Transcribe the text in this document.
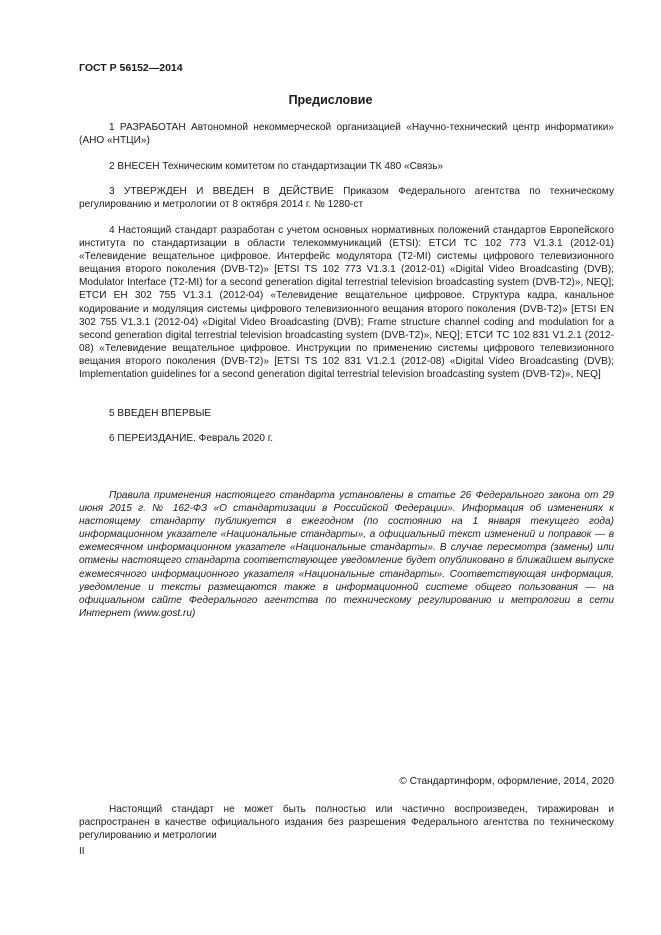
ГОСТ Р 56152—2014
Предисловие

1 РАЗРАБОТАН Автономной некоммерческой организацией «Научно-технический центр информатики» (АНО «НТЦИ»)

2 ВНЕСЕН Техническим комитетом по стандартизации ТК 480 «Связь»

3 УТВЕРЖДЕН И ВВЕДЕН В ДЕЙСТВИЕ Приказом Федерального агентства по техническому регулированию и метрологии от 8 октября 2014 г. № 1280-ст

4 Настоящий стандарт разработан с учетом основных нормативных положений стандартов Европейского института по стандартизации в области телекоммуникаций (ETSI): ЕТСИ ТС 102 773 V1.3.1 (2012-01) «Телевидение вещательное цифровое. Интерфейс модулятора (T2-MI) системы цифрового телевизионного вещания второго поколения (DVB-T2)» [ETSI TS 102 773 V1.3.1 (2012-01) «Digital Video Broadcasting (DVB); Modulator Interface (T2-MI) for a second generation digital terrestrial television broadcasting system (DVB-T2)», NEQ]; ЕТСИ ЕН 302 755 V1.3.1 (2012-04) «Телевидение вещательное цифровое. Структура кадра, канальное кодирование и модуляция системы цифрового телевизионного вещания второго поколения (DVB-T2)» [ETSI EN 302 755 V1.3.1 (2012-04) «Digital Video Broadcasting (DVB); Frame structure channel coding and modulation for a second generation digital terrestrial television broadcasting system (DVB-T2)», NEQ]; ЕТСИ ТС 102 831 V1.2.1 (2012-08) «Телевидение вещательное цифровое. Инструкции по применению системы цифрового телевизионного вещания второго поколения (DVB-T2)» [ETSI TS 102 831 V1.2.1 (2012-08) «Digital Video Broadcasting (DVB); Implementation guidelines for a second generation digital terrestrial television broadcasting system (DVB-T2)», NEQ]

5 ВВЕДЕН ВПЕРВЫЕ

6 ПЕРЕИЗДАНИЕ. Февраль 2020 г.

Правила применения настоящего стандарта установлены в статье 26 Федерального закона от 29 июня 2015 г. № 162-ФЗ «О стандартизации в Российской Федерации». Информация об изменениях к настоящему стандарту публикуется в ежегодном (по состоянию на 1 января текущего года) информационном указателе «Национальные стандарты», а официальный текст изменений и поправок — в ежемесячном информационном указателе «Национальные стандарты». В случае пересмотра (замены) или отмены настоящего стандарта соответствующее уведомление будет опубликовано в ближайшем выпуске ежемесячного информационного указателя «Национальные стандарты». Соответствующая информация, уведомление и тексты размещаются также в информационной системе общего пользования — на официальном сайте Федерального агентства по техническому регулированию и метрологии в сети Интернет (www.gost.ru)

© Стандартинформ, оформление, 2014, 2020

Настоящий стандарт не может быть полностью или частично воспроизведен, тиражирован и распространен в качестве официального издания без разрешения Федерального агентства по техническому регулированию и метрологии

II
